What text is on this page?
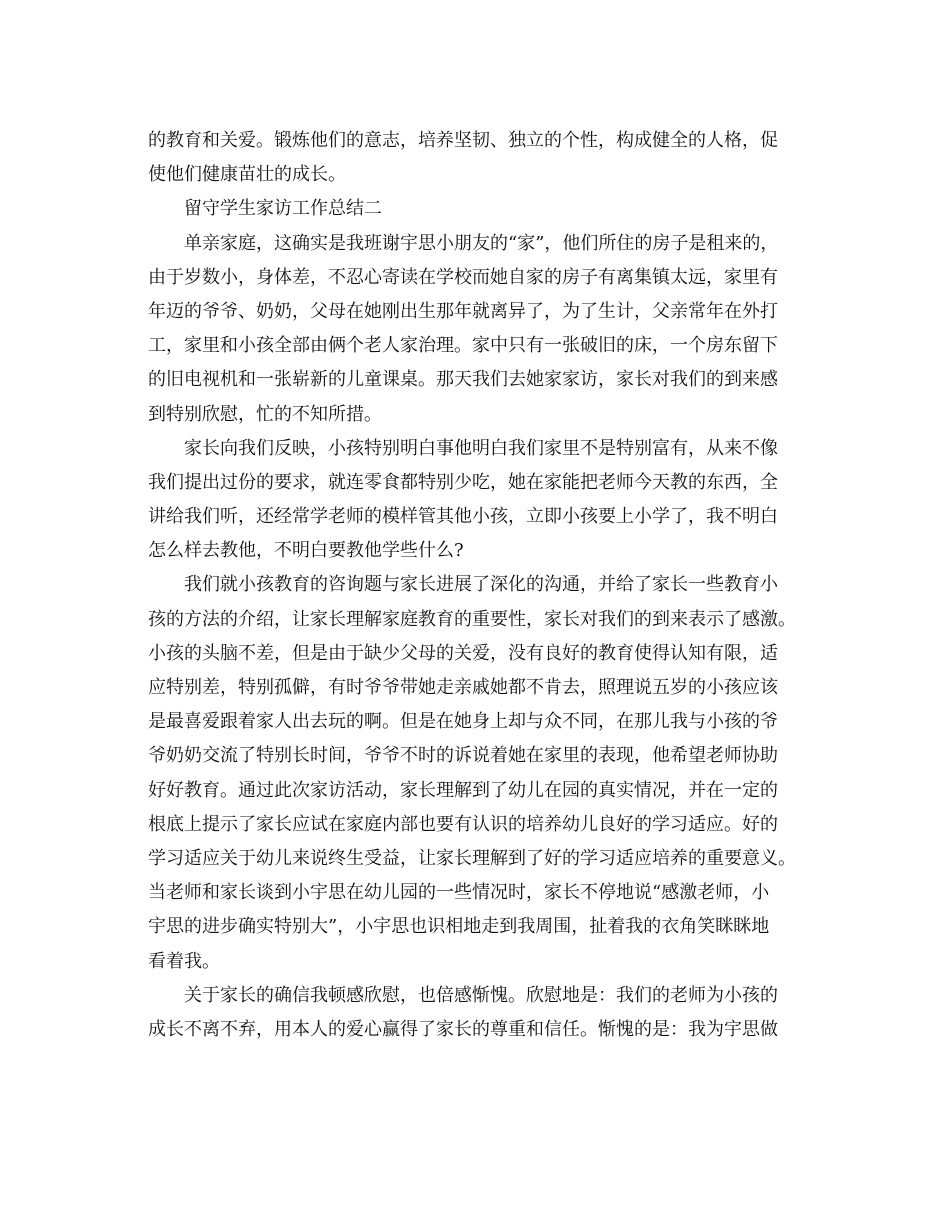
的教育和关爱。锻炼他们的意志，培养坚韧、独立的个性，构成健全的人格，促
使他们健康苗壮的成长。
留守学生家访工作总结二
单亲家庭，这确实是我班谢宇思小朋友的“家”，他们所住的房子是租来的，
由于岁数小，身体差，不忍心寄读在学校而她自家的房子有离集镇太远，家里有
年迈的爷爷、奶奶，父母在她刚出生那年就离异了，为了生计，父亲常年在外打
工，家里和小孩全部由俩个老人家治理。家中只有一张破旧的床，一个房东留下
的旧电视机和一张崭新的儿童课桌。那天我们去她家家访，家长对我们的到来感
到特别欣慰，忙的不知所措。
家长向我们反映，小孩特别明白事他明白我们家里不是特别富有，从来不像
我们提出过份的要求，就连零食都特别少吃，她在家能把老师今天教的东西，全
讲给我们听，还经常学老师的模样管其他小孩，立即小孩要上小学了，我不明白
怎么样去教他，不明白要教他学些什么?
我们就小孩教育的咨询题与家长进展了深化的沟通，并给了家长一些教育小
孩的方法的介绍，让家长理解家庭教育的重要性，家长对我们的到来表示了感激。
小孩的头脑不差，但是由于缺少父母的关爱，没有良好的教育使得认知有限，适
应特别差，特别孤僻，有时爷爷带她走亲戚她都不肯去，照理说五岁的小孩应该
是最喜爱跟着家人出去玩的啊。但是在她身上却与众不同，在那儿我与小孩的爷
爷奶奶交流了特别长时间，爷爷不时的诉说着她在家里的表现，他希望老师协助
好好教育。通过此次家访活动，家长理解到了幼儿在园的真实情况，并在一定的
根底上提示了家长应试在家庭内部也要有认识的培养幼儿良好的学习适应。好的
学习适应关于幼儿来说终生受益，让家长理解到了好的学习适应培养的重要意义。
当老师和家长谈到小宇思在幼儿园的一些情况时，家长不停地说“感激老师，小
宇思的进步确实特别大”，小宇思也识相地走到我周围，扯着我的衣角笑眯眯地
看着我。
关于家长的确信我顿感欣慰，也倍感惭愧。欣慰地是：我们的老师为小孩的
成长不离不弃，用本人的爱心赢得了家长的尊重和信任。惭愧的是：我为宇思做
